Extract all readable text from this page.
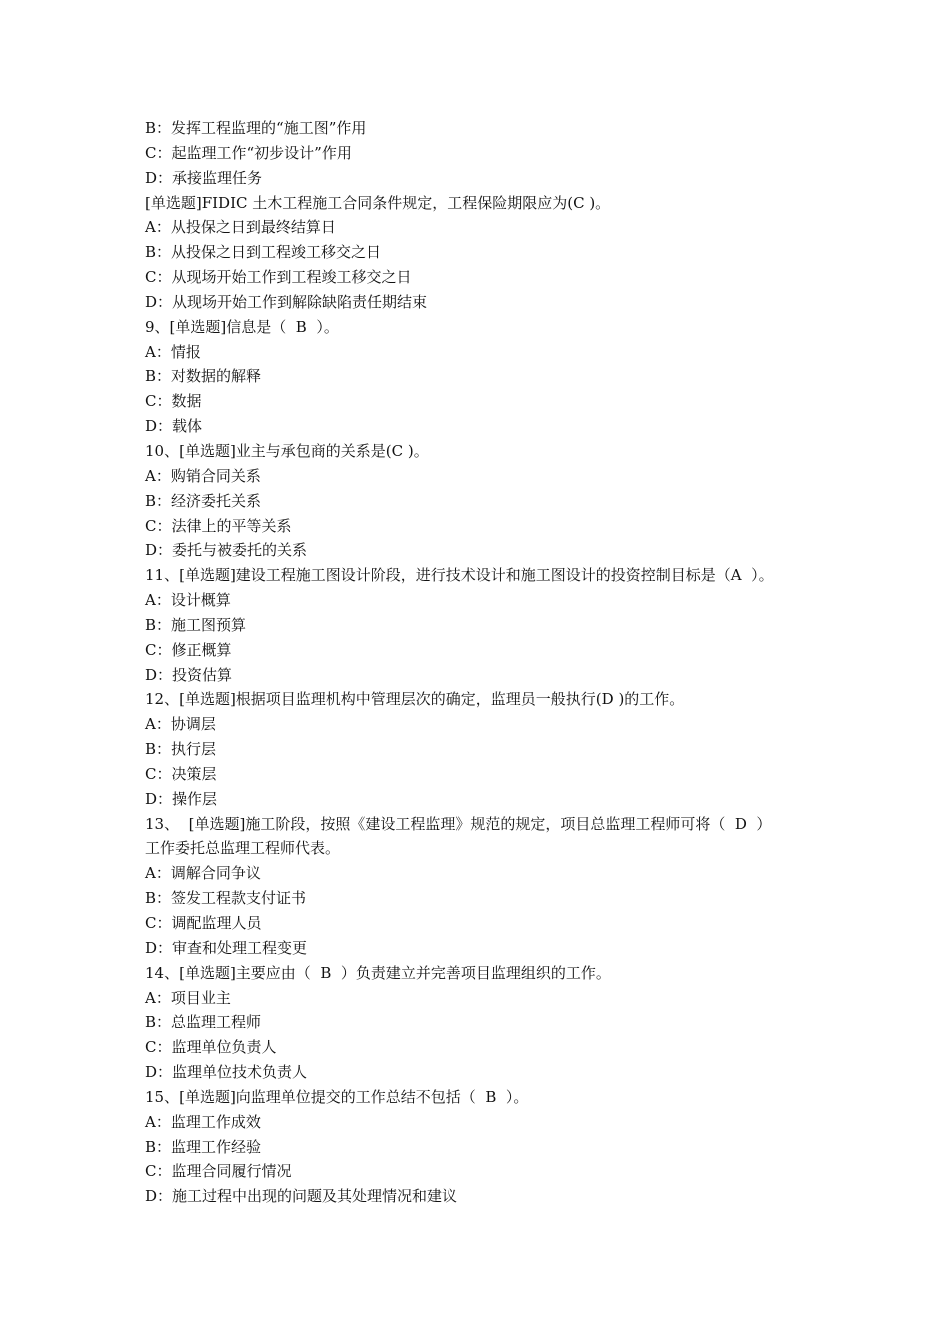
B：发挥工程监理的“施工图”作用
C：起监理工作“初步设计”作用
D：承接监理任务
[单选题]FIDIC 土木工程施工合同条件规定，工程保险期限应为(C )。
A：从投保之日到最终结算日
B：从投保之日到工程竣工移交之日
C：从现场开始工作到工程竣工移交之日
D：从现场开始工作到解除缺陷责任期结束
9、[单选题]信息是（  B  ）。
A：情报
B：对数据的解释
C：数据
D：载体
10、[单选题]业主与承包商的关系是(C )。
A：购销合同关系
B：经济委托关系
C：法律上的平等关系
D：委托与被委托的关系
11、[单选题]建设工程施工图设计阶段，进行技术设计和施工图设计的投资控制目标是（A  ）。
A：设计概算
B：施工图预算
C：修正概算
D：投资估算
12、[单选题]根据项目监理机构中管理层次的确定，监理员一般执行(D )的工作。
A：协调层
B：执行层
C：决策层
D：操作层
13、  [单选题]施工阶段，按照《建设工程监理》规范的规定，项目总监理工程师可将（  D  ）
工作委托总监理工程师代表。
A：调解合同争议
B：签发工程款支付证书
C：调配监理人员
D：审查和处理工程变更
14、[单选题]主要应由（  B  ）负责建立并完善项目监理组织的工作。
A：项目业主
B：总监理工程师
C：监理单位负责人
D：监理单位技术负责人
15、[单选题]向监理单位提交的工作总结不包括（  B  ）。
A：监理工作成效
B：监理工作经验
C：监理合同履行情况
D：施工过程中出现的问题及其处理情况和建议
